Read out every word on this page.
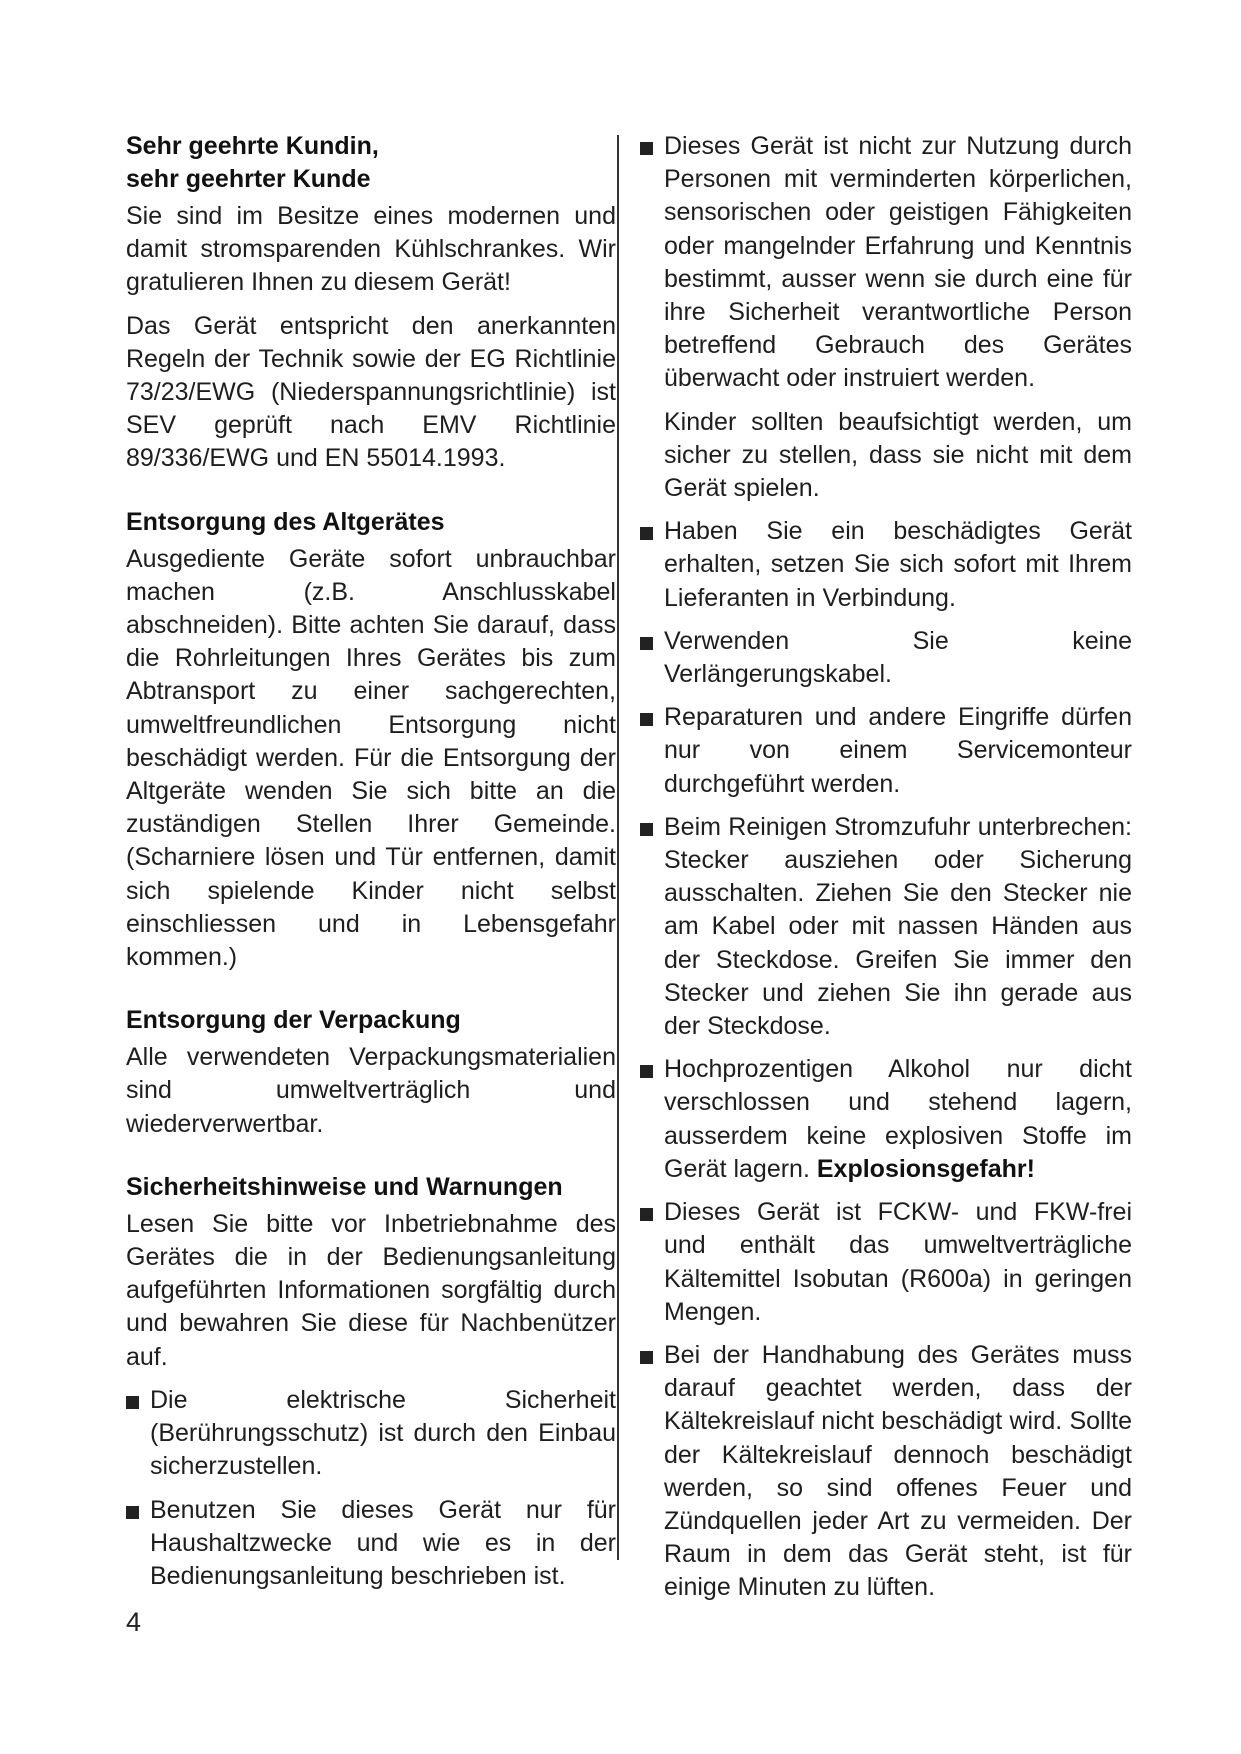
Sehr geehrte Kundin,
sehr geehrter Kunde

Sie sind im Besitze eines modernen und damit stromsparenden Kühlschrankes. Wir gratulieren Ihnen zu diesem Gerät!

Das Gerät entspricht den anerkannten Regeln der Technik sowie der EG Richtlinie 73/23/EWG (Niederspannungsrichtlinie) ist SEV geprüft nach EMV Richtlinie 89/336/EWG und EN 55014.1993.

Entsorgung des Altgerätes

Ausgediente Geräte sofort unbrauchbar machen (z.B. Anschlusskabel abschneiden). Bitte achten Sie darauf, dass die Rohrleitungen Ihres Gerätes bis zum Abtransport zu einer sachgerechten, umweltfreundlichen Entsorgung nicht beschädigt werden. Für die Entsorgung der Altgeräte wenden Sie sich bitte an die zuständigen Stellen Ihrer Gemeinde. (Scharniere lösen und Tür entfernen, damit sich spielende Kinder nicht selbst einschliessen und in Lebensgefahr kommen.)

Entsorgung der Verpackung

Alle verwendeten Verpackungsmaterialien sind umweltverträglich und wiederverwertbar.

Sicherheitshinweise und Warnungen

Lesen Sie bitte vor Inbetriebnahme des Gerätes die in der Bedienungsanleitung aufgeführten Informationen sorgfältig durch und bewahren Sie diese für Nachbenützer auf.

Die elektrische Sicherheit (Berührungsschutz) ist durch den Einbau sicherzustellen.
Benutzen Sie dieses Gerät nur für Haushaltzwecke und wie es in der Bedienungsanleitung beschrieben ist.
Dieses Gerät ist nicht zur Nutzung durch Personen mit verminderten körperlichen, sensorischen oder geistigen Fähigkeiten oder mangelnder Erfahrung und Kenntnis bestimmt, ausser wenn sie durch eine für ihre Sicherheit verantwortliche Person betreffend Gebrauch des Gerätes überwacht oder instruiert werden.
Kinder sollten beaufsichtigt werden, um sicher zu stellen, dass sie nicht mit dem Gerät spielen.
Haben Sie ein beschädigtes Gerät erhalten, setzen Sie sich sofort mit Ihrem Lieferanten in Verbindung.
Verwenden Sie keine Verlängerungskabel.
Reparaturen und andere Eingriffe dürfen nur von einem Servicemonteur durchgeführt werden.
Beim Reinigen Stromzufuhr unterbrechen: Stecker ausziehen oder Sicherung ausschalten. Ziehen Sie den Stecker nie am Kabel oder mit nassen Händen aus der Steckdose. Greifen Sie immer den Stecker und ziehen Sie ihn gerade aus der Steckdose.
Hochprozentigen Alkohol nur dicht verschlossen und stehend lagern, ausserdem keine explosiven Stoffe im Gerät lagern. Explosionsgefahr!
Dieses Gerät ist FCKW- und FKW-frei und enthält das umweltverträgliche Kältemittel Isobutan (R600a) in geringen Mengen.
Bei der Handhabung des Gerätes muss darauf geachtet werden, dass der Kältekreislauf nicht beschädigt wird. Sollte der Kältekreislauf dennoch beschädigt werden, so sind offenes Feuer und Zündquellen jeder Art zu vermeiden. Der Raum in dem das Gerät steht, ist für einige Minuten zu lüften.
4
